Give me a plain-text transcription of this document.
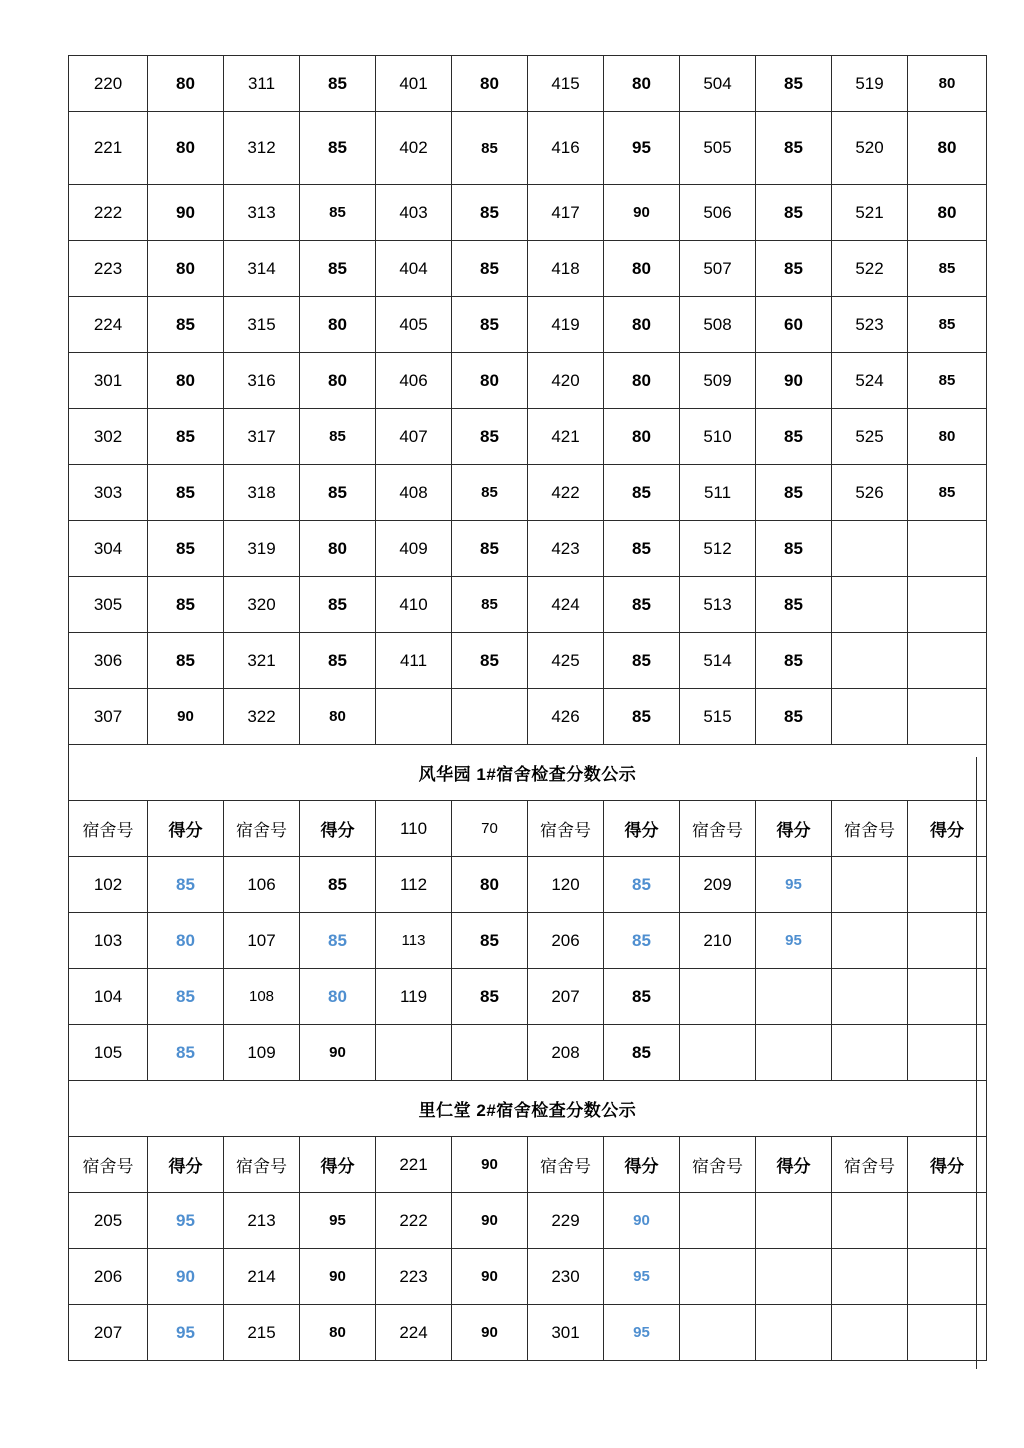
220	80	311	85	401	80	415	80	504	85	519	80
221	80	312	85	402	85	416	95	505	85	520	80
222	90	313	85	403	85	417	90	506	85	521	80
223	80	314	85	404	85	418	80	507	85	522	85
224	85	315	80	405	85	419	80	508	60	523	85
301	80	316	80	406	80	420	80	509	90	524	85
302	85	317	85	407	85	421	80	510	85	525	80
303	85	318	85	408	85	422	85	511	85	526	85
304	85	319	80	409	85	423	85	512	85		
305	85	320	85	410	85	424	85	513	85		
306	85	321	85	411	85	425	85	514	85		
307	90	322	80			426	85	515	85		
风华园 1#宿舍检查分数公示											
宿舍号	得分	宿舍号	得分	110	70	宿舍号	得分	宿舍号	得分	宿舍号	得分
102	85	106	85	112	80	120	85	209	95		
103	80	107	85	113	85	206	85	210	95		
104	85	108	80	119	85	207	85				
105	85	109	90			208	85				
里仁堂 2#宿舍检查分数公示											
宿舍号	得分	宿舍号	得分	221	90	宿舍号	得分	宿舍号	得分	宿舍号	得分
205	95	213	95	222	90	229	90				
206	90	214	90	223	90	230	95				
207	95	215	80	224	90	301	95				
